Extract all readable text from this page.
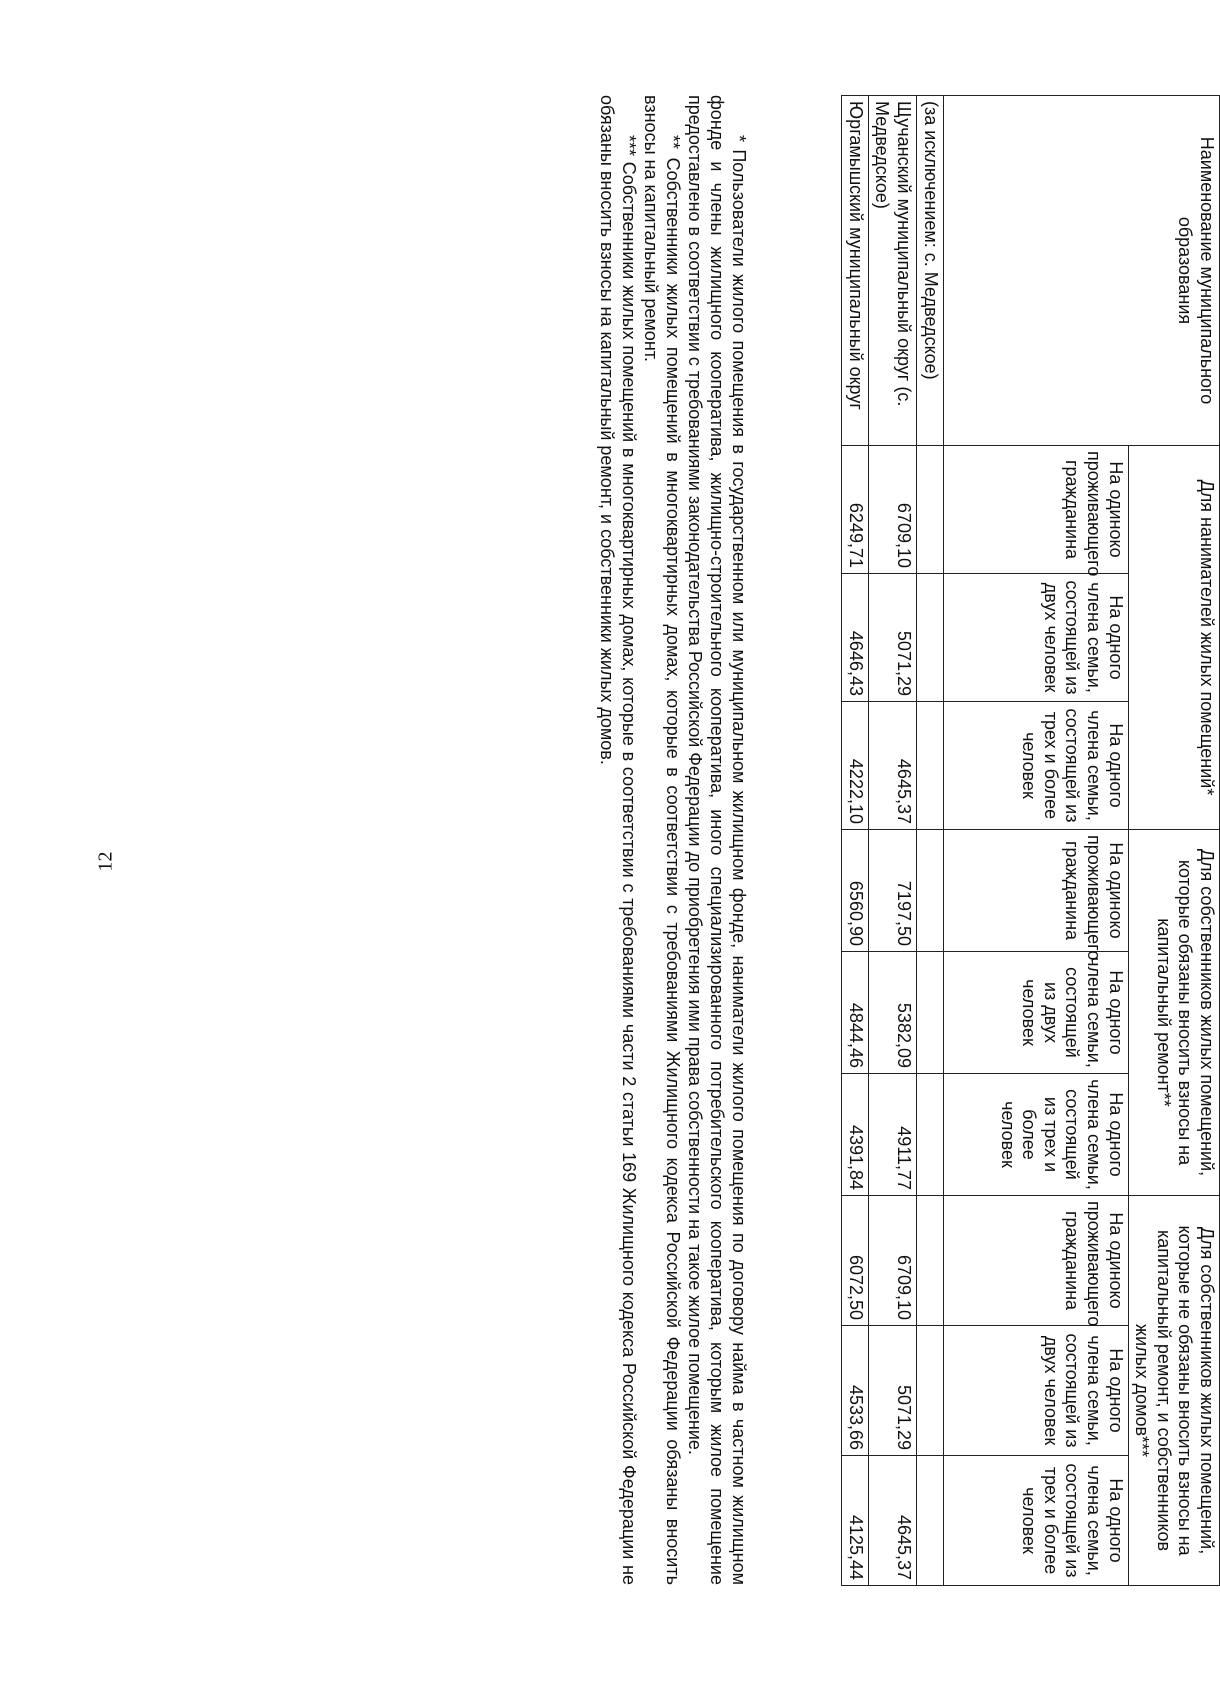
12
Наименование муниципального образования	Для нанимателей жилых помещений*			Для собственников жилых помещений, которые обязаны вносить взносы на капитальный ремонт**			Для собственников жилых помещений, которые не обязаны вносить взносы на капитальный ремонт, и собственников жилых домов***		
	На одиноко проживающего гражданина	На одного члена семьи, состоящей из двух человек	На одного члена семьи, состоящей из трех и более человек	На одиноко проживающего гражданина	На одного члена семьи, состоящей из двух человек	На одного члена семьи, состоящей из трех и более человек	На одиноко проживающего гражданина	На одного члена семьи, состоящей из двух человек	На одного члена семьи, состоящей из трех и более человек
(за исключением: с. Медведское)									
Щучанский муниципальный округ (с. Медведское)	6709,10	5071,29	4645,37	7197,50	5382,09	4911,77	6709,10	5071,29	4645,37
Юргамышский муниципальный округ	6249,71	4646,43	4222,10	6560,90	4844,46	4391,84	6072,50	4533,66	4125,44

* Пользователи жилого помещения в государственном или муниципальном жилищном фонде, наниматели жилого помещения по договору найма в частном жилищном фонде и члены жилищного кооператива, жилищно-строительного кооператива, иного специализированного потребительского кооператива, которым жилое помещение предоставлено в соответствии с требованиями законодательства Российской Федерации до приобретения ими права собственности на такое жилое помещение.

** Собственники жилых помещений в многоквартирных домах, которые в соответствии с требованиями Жилищного кодекса Российской Федерации обязаны вносить взносы на капитальный ремонт.

*** Собственники жилых помещений в многоквартирных домах, которые в соответствии с требованиями части 2 статьи 169 Жилищного кодекса Российской Федерации не обязаны вносить взносы на капитальный ремонт, и собственники жилых домов.
